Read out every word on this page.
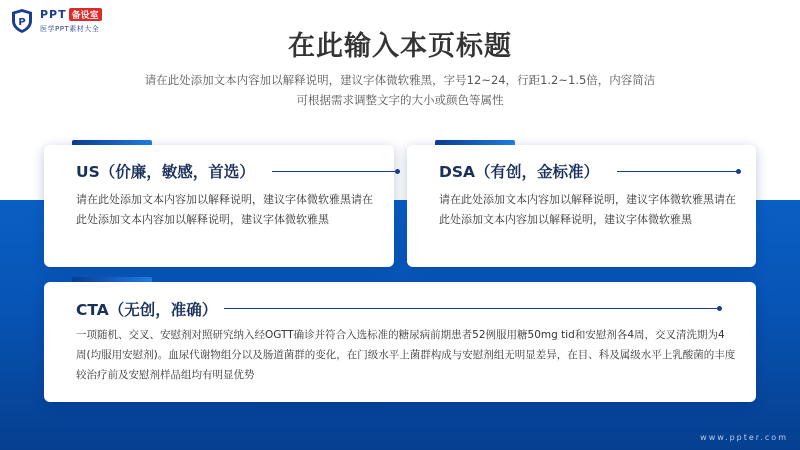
P
PPT 备设室
医学PPT素材大全
在此输入本页标题
请在此处添加文本内容加以解释说明，建议字体微软雅黑，字号12~24，行距1.2~1.5倍，内容简洁
可根据需求调整文字的大小或颜色等属性
US（价廉，敏感，首选）
请在此处添加文本内容加以解释说明，建议字体微软雅黑请在此处添加文本内容加以解释说明，建议字体微软雅黑
DSA（有创，金标准）
请在此处添加文本内容加以解释说明，建议字体微软雅黑请在此处添加文本内容加以解释说明，建议字体微软雅黑
CTA（无创，准确）
一项随机、交叉、安慰剂对照研究纳入经OGTT确诊并符合入选标准的糖尿病前期患者52例服用糖50mg tid和安慰剂各4周，交叉清洗期为4 周(均服用安慰剂)。血尿代谢物组分以及肠道菌群的变化，在门级水平上菌群构成与安慰剂组无明显差异，在目、科及属级水平上乳酸菌的丰度较治疗前及安慰剂样品组均有明显优势
www.ppter.com
